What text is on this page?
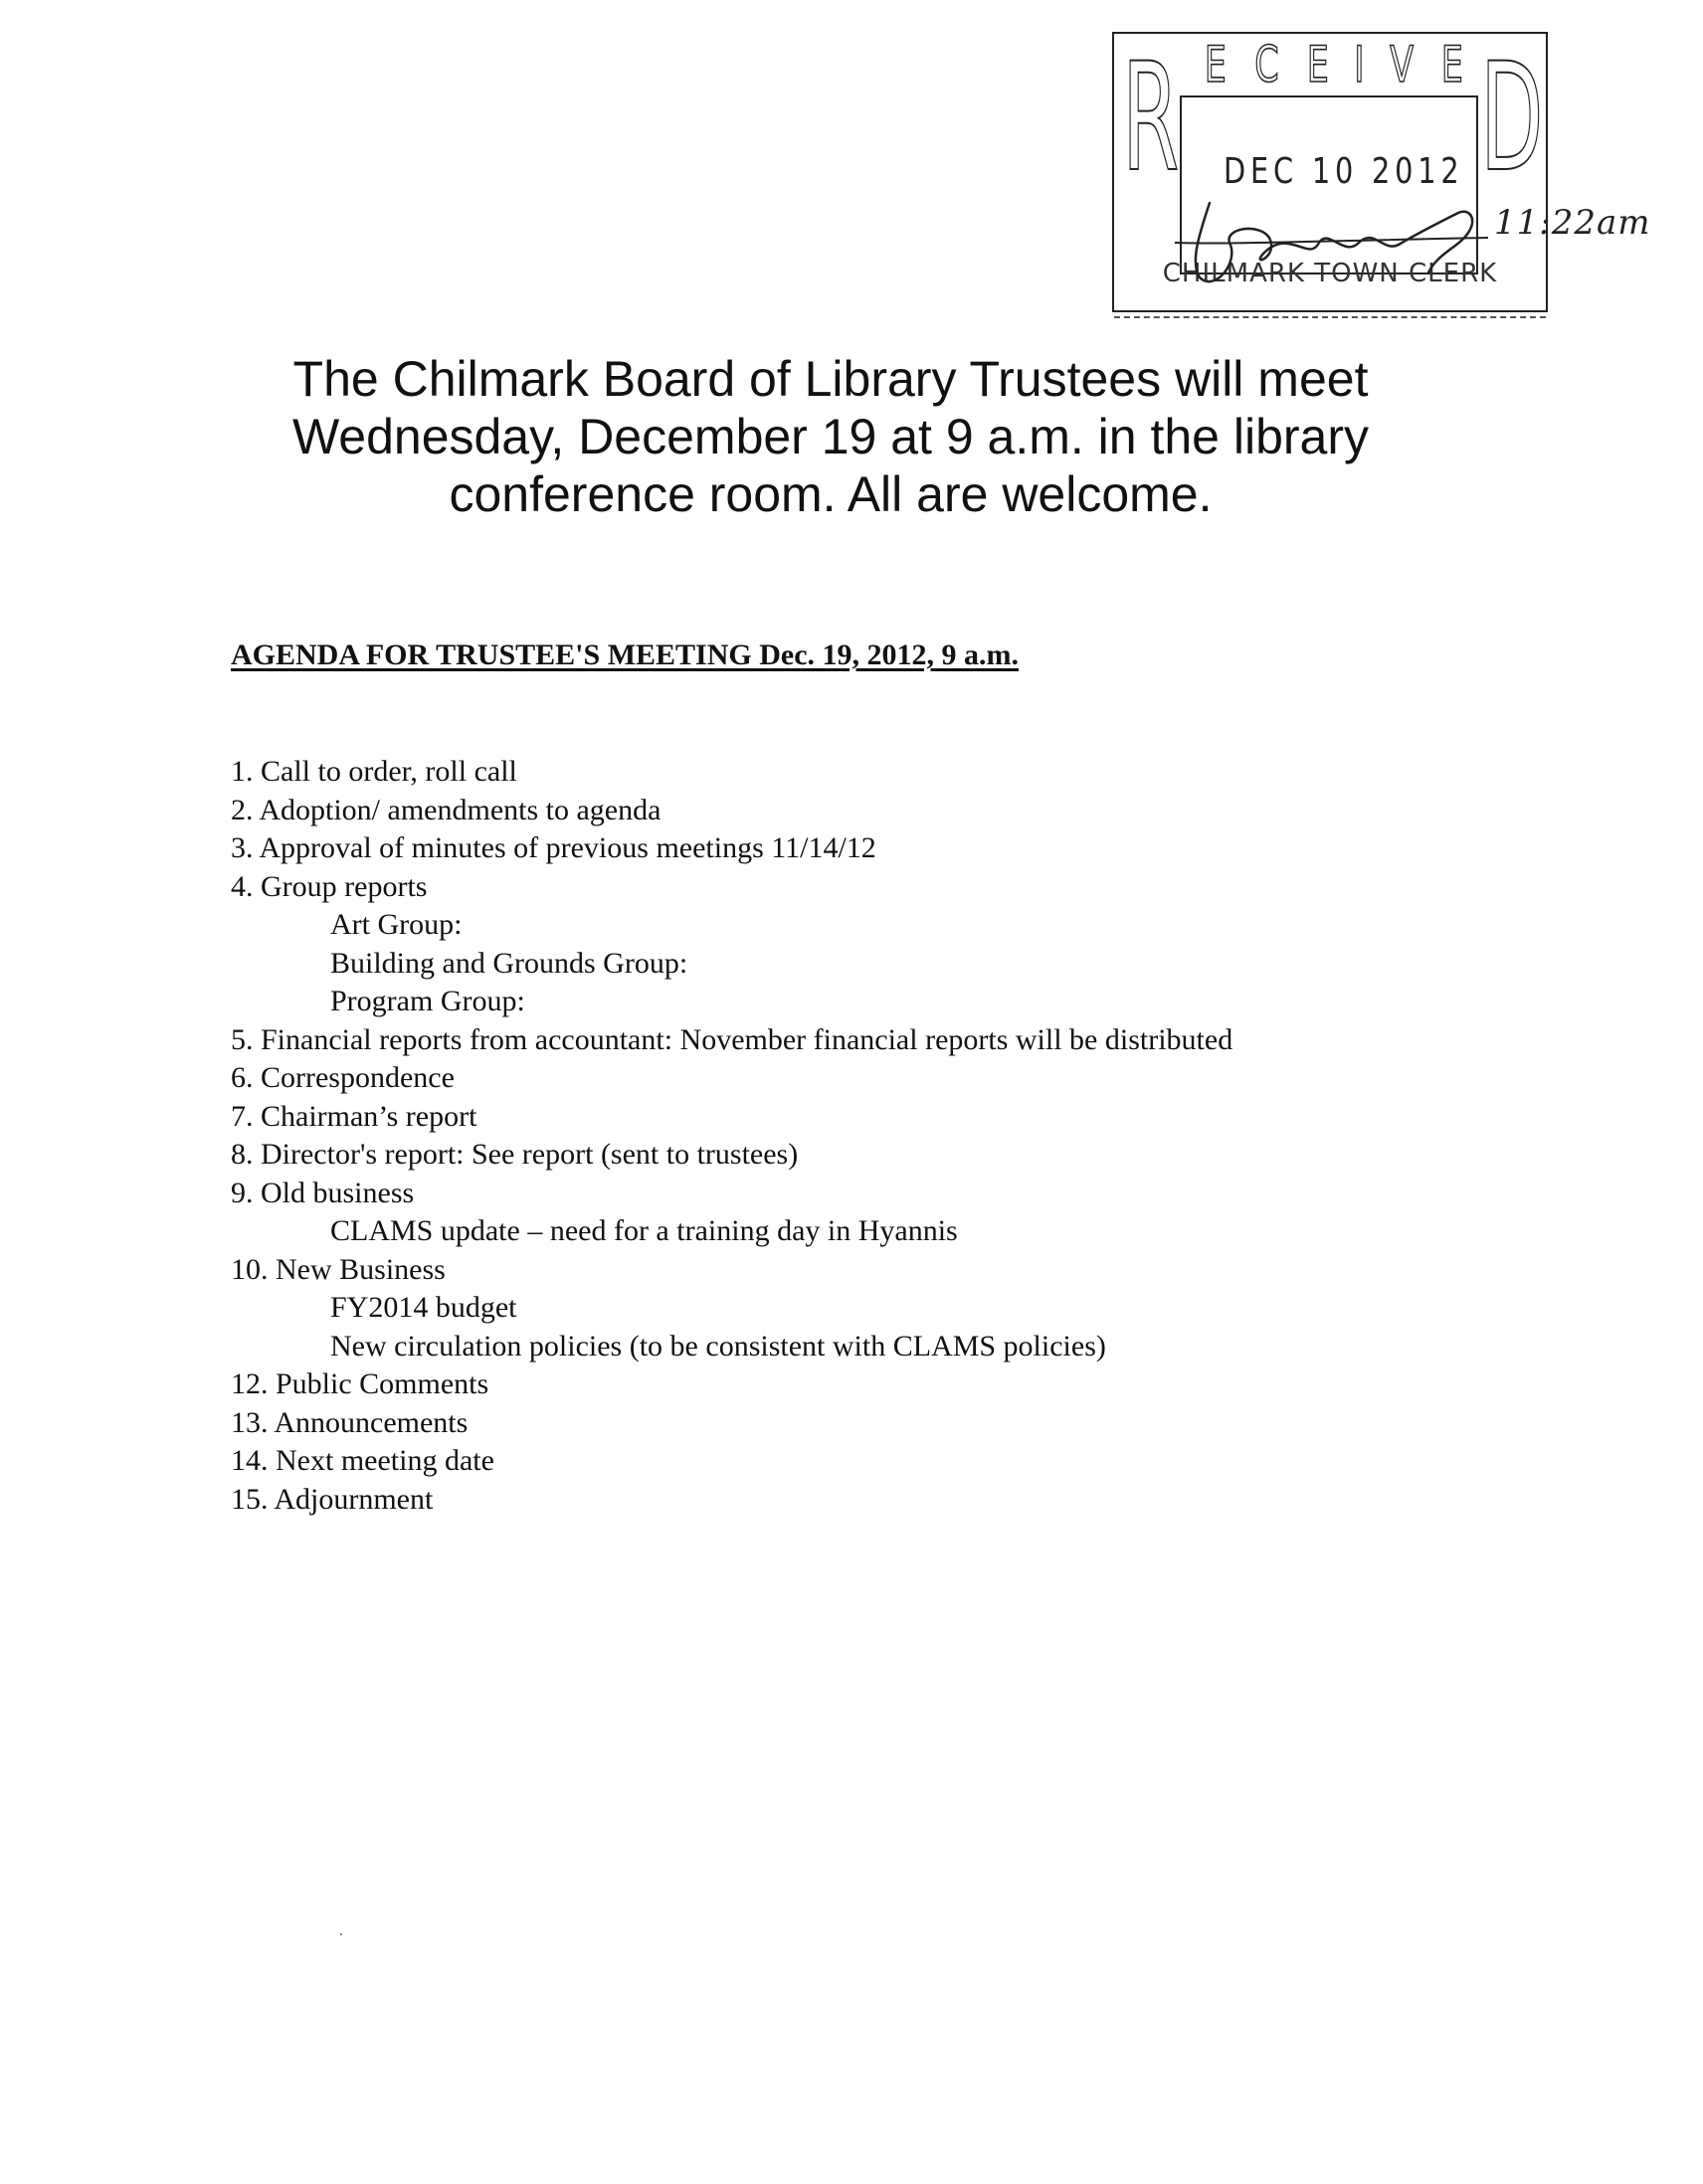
R E C E I V E D
DEC 10 2012
CHILMARK TOWN CLERK
11:22am
The Chilmark Board of Library Trustees will meet
Wednesday, December 19 at 9 a.m. in the library
conference room. All are welcome.
AGENDA FOR TRUSTEE'S MEETING Dec. 19, 2012, 9 a.m.
1. Call to order, roll call
2. Adoption/ amendments to agenda
3. Approval of minutes of previous meetings 11/14/12
4. Group reports
Art Group:
Building and Grounds Group:
Program Group:
5. Financial reports from accountant: November financial reports will be distributed
6. Correspondence
7. Chairman’s report
8. Director's report: See report (sent to trustees)
9. Old business
CLAMS update – need for a training day in Hyannis
10. New Business
FY2014 budget
New circulation policies (to be consistent with CLAMS policies)
12. Public Comments
13. Announcements
14. Next meeting date
15. Adjournment
